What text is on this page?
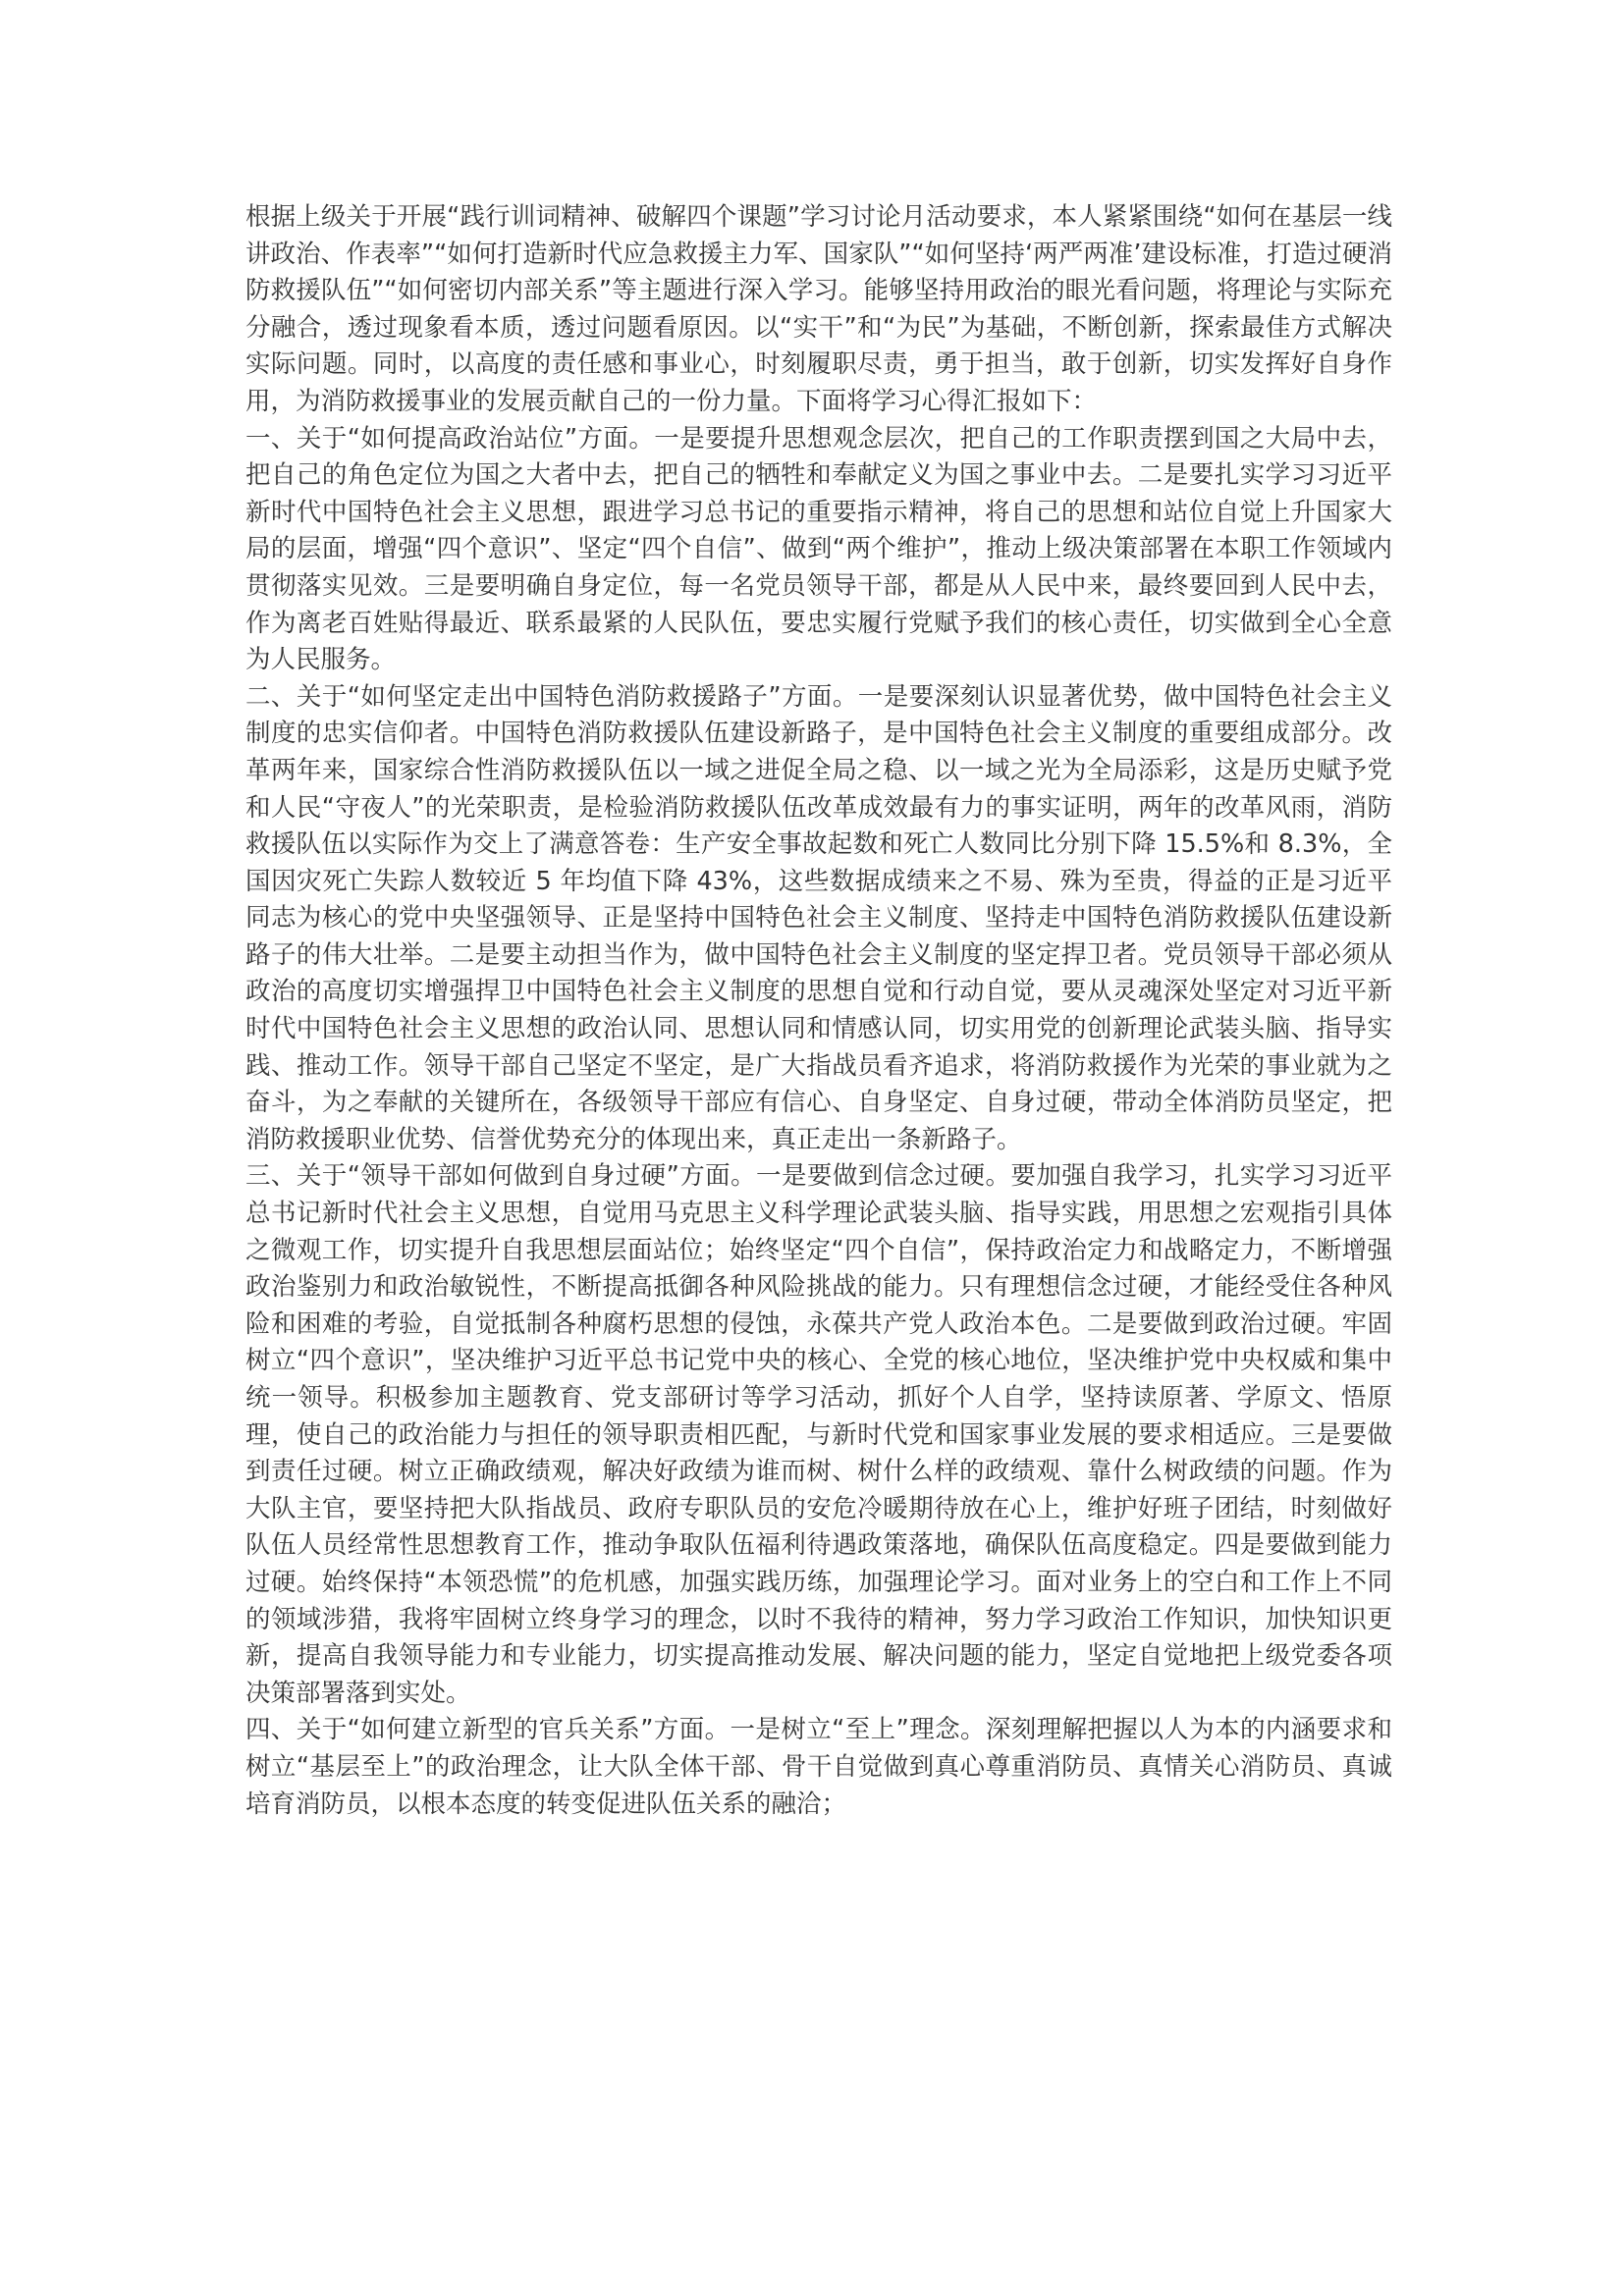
根据上级关于开展“践行训词精神、破解四个课题”学习讨论月活动要求，本人紧紧围绕“如何在基层一线讲政治、作表率”“如何打造新时代应急救援主力军、国家队”“如何坚持‘两严两准’建设标准，打造过硬消防救援队伍”“如何密切内部关系”等主题进行深入学习。能够坚持用政治的眼光看问题，将理论与实际充分融合，透过现象看本质，透过问题看原因。以“实干”和“为民”为基础，不断创新，探索最佳方式解决实际问题。同时，以高度的责任感和事业心，时刻履职尽责，勇于担当，敢于创新，切实发挥好自身作用，为消防救援事业的发展贡献自己的一份力量。下面将学习心得汇报如下：

一、关于“如何提高政治站位”方面。一是要提升思想观念层次，把自己的工作职责摆到国之大局中去，把自己的角色定位为国之大者中去，把自己的牺牲和奉献定义为国之事业中去。二是要扎实学习习近平新时代中国特色社会主义思想，跟进学习总书记的重要指示精神，将自己的思想和站位自觉上升国家大局的层面，增强“四个意识”、坚定“四个自信”、做到“两个维护”，推动上级决策部署在本职工作领域内贯彻落实见效。三是要明确自身定位，每一名党员领导干部，都是从人民中来，最终要回到人民中去，作为离老百姓贴得最近、联系最紧的人民队伍，要忠实履行党赋予我们的核心责任，切实做到全心全意为人民服务。

二、关于“如何坚定走出中国特色消防救援路子”方面。一是要深刻认识显著优势，做中国特色社会主义制度的忠实信仰者。中国特色消防救援队伍建设新路子，是中国特色社会主义制度的重要组成部分。改革两年来，国家综合性消防救援队伍以一域之进促全局之稳、以一域之光为全局添彩，这是历史赋予党和人民“守夜人”的光荣职责，是检验消防救援队伍改革成效最有力的事实证明，两年的改革风雨，消防救援队伍以实际作为交上了满意答卷：生产安全事故起数和死亡人数同比分别下降 15.5%和 8.3%，全国因灾死亡失踪人数较近 5 年均值下降 43%，这些数据成绩来之不易、殊为至贵，得益的正是习近平同志为核心的党中央坚强领导、正是坚持中国特色社会主义制度、坚持走中国特色消防救援队伍建设新路子的伟大壮举。二是要主动担当作为，做中国特色社会主义制度的坚定捍卫者。党员领导干部必须从政治的高度切实增强捍卫中国特色社会主义制度的思想自觉和行动自觉，要从灵魂深处坚定对习近平新时代中国特色社会主义思想的政治认同、思想认同和情感认同，切实用党的创新理论武装头脑、指导实践、推动工作。领导干部自己坚定不坚定，是广大指战员看齐追求，将消防救援作为光荣的事业就为之奋斗，为之奉献的关键所在，各级领导干部应有信心、自身坚定、自身过硬，带动全体消防员坚定，把消防救援职业优势、信誉优势充分的体现出来，真正走出一条新路子。

三、关于“领导干部如何做到自身过硬”方面。一是要做到信念过硬。要加强自我学习，扎实学习习近平总书记新时代社会主义思想，自觉用马克思主义科学理论武装头脑、指导实践，用思想之宏观指引具体之微观工作，切实提升自我思想层面站位；始终坚定“四个自信”，保持政治定力和战略定力，不断增强政治鉴别力和政治敏锐性，不断提高抵御各种风险挑战的能力。只有理想信念过硬，才能经受住各种风险和困难的考验，自觉抵制各种腐朽思想的侵蚀，永葆共产党人政治本色。二是要做到政治过硬。牢固树立“四个意识”，坚决维护习近平总书记党中央的核心、全党的核心地位，坚决维护党中央权威和集中统一领导。积极参加主题教育、党支部研讨等学习活动，抓好个人自学，坚持读原著、学原文、悟原理，使自己的政治能力与担任的领导职责相匹配，与新时代党和国家事业发展的要求相适应。三是要做到责任过硬。树立正确政绩观，解决好政绩为谁而树、树什么样的政绩观、靠什么树政绩的问题。作为大队主官，要坚持把大队指战员、政府专职队员的安危冷暖期待放在心上，维护好班子团结，时刻做好队伍人员经常性思想教育工作，推动争取队伍福利待遇政策落地，确保队伍高度稳定。四是要做到能力过硬。始终保持“本领恐慌”的危机感，加强实践历练，加强理论学习。面对业务上的空白和工作上不同的领域涉猎，我将牢固树立终身学习的理念，以时不我待的精神，努力学习政治工作知识，加快知识更新，提高自我领导能力和专业能力，切实提高推动发展、解决问题的能力，坚定自觉地把上级党委各项决策部署落到实处。

四、关于“如何建立新型的官兵关系”方面。一是树立“至上”理念。深刻理解把握以人为本的内涵要求和树立“基层至上”的政治理念，让大队全体干部、骨干自觉做到真心尊重消防员、真情关心消防员、真诚培育消防员，以根本态度的转变促进队伍关系的融洽；
